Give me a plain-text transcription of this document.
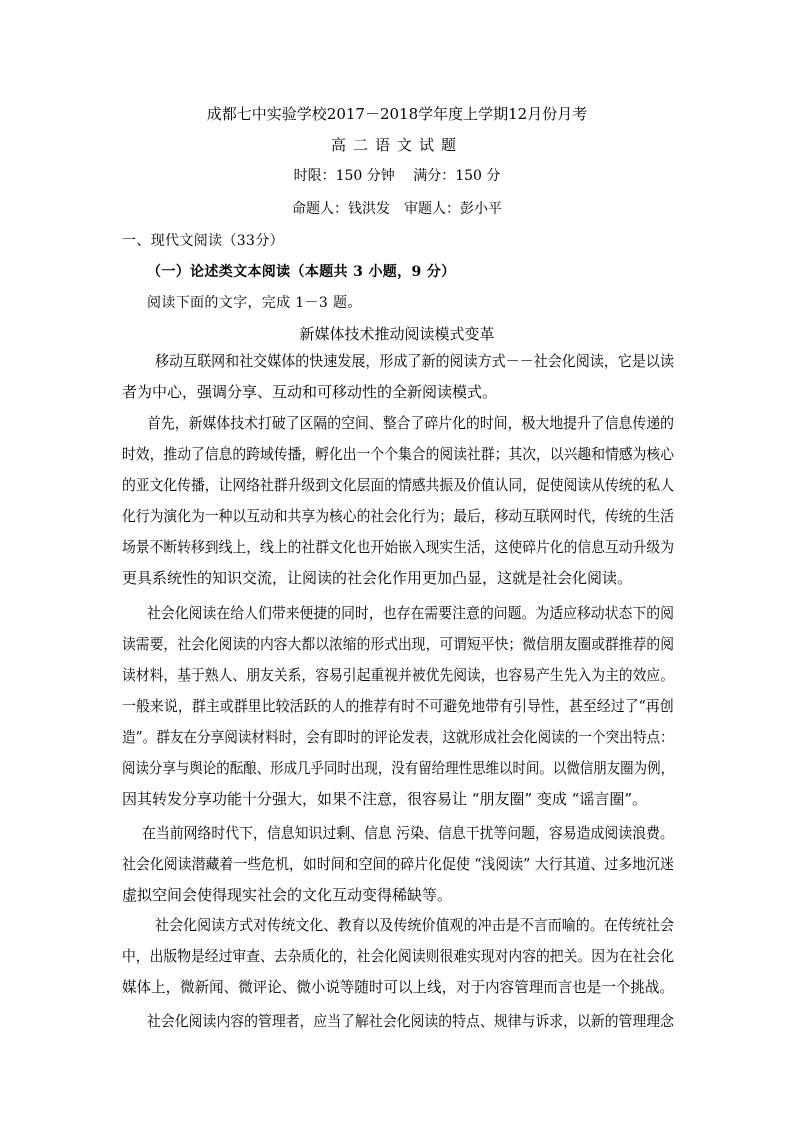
成都七中实验学校2017－2018学年度上学期12月份月考
高二语文试题
时限：150 分钟　 满分：150 分
命题人：钱洪发　审题人：彭小平
一、现代文阅读（33分）
（一）论述类文本阅读（本题共 3 小题，9 分）
阅读下面的文字，完成 1－3 题。
新媒体技术推动阅读模式变革
移动互联网和社交媒体的快速发展，形成了新的阅读方式－－社会化阅读，它是以读
者为中心，强调分享、互动和可移动性的全新阅读模式。
首先，新媒体技术打破了区隔的空间、整合了碎片化的时间，极大地提升了信息传递的
时效，推动了信息的跨域传播，孵化出一个个集合的阅读社群；其次，以兴趣和情感为核心
的亚文化传播，让网络社群升级到文化层面的情感共振及价值认同，促使阅读从传统的私人
化行为演化为一种以互动和共享为核心的社会化行为；最后，移动互联网时代，传统的生活
场景不断转移到线上，线上的社群文化也开始嵌入现实生活，这使碎片化的信息互动升级为
更具系统性的知识交流，让阅读的社会化作用更加凸显，这就是社会化阅读。
社会化阅读在给人们带来便捷的同时，也存在需要注意的问题。为适应移动状态下的阅
读需要，社会化阅读的内容大都以浓缩的形式出现，可谓短平快；微信朋友圈或群推荐的阅
读材料，基于熟人、朋友关系，容易引起重视并被优先阅读，也容易产生先入为主的效应。
一般来说，群主或群里比较活跃的人的推荐有时不可避免地带有引导性，甚至经过了“再创
造”。群友在分享阅读材料时，会有即时的评论发表，这就形成社会化阅读的一个突出特点：
阅读分享与舆论的酝酿、形成几乎同时出现，没有留给理性思维以时间。以微信朋友圈为例，
因其转发分享功能十分强大，如果不注意，很容易让 “朋友圈” 变成 “谣言圈”。
在当前网络时代下，信息知识过剩、信息 污染、信息干扰等问题，容易造成阅读浪费。
社会化阅读潜藏着一些危机，如时间和空间的碎片化促使 “浅阅读” 大行其道、过多地沉迷
虚拟空间会使得现实社会的文化互动变得稀缺等。
社会化阅读方式对传统文化、教育以及传统价值观的冲击是不言而喻的。在传统社会
中，出版物是经过审查、去杂质化的，社会化阅读则很难实现对内容的把关。因为在社会化
媒体上，微新闻、微评论、微小说等随时可以上线，对于内容管理而言也是一个挑战。
社会化阅读内容的管理者，应当了解社会化阅读的特点、规律与诉求，以新的管理理念
